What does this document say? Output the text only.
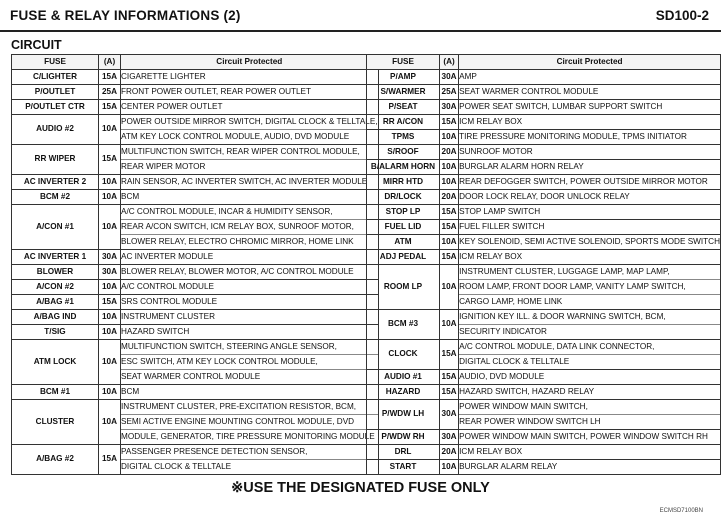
FUSE & RELAY INFORMATIONS (2)	SD100-2
CIRCUIT
FUSE	(A)	Circuit Protected
C/LIGHTER	15A	CIGARETTE LIGHTER

P/OUTLET	25A	FRONT POWER OUTLET, REAR POWER OUTLET

P/OUTLET CTR	15A	CENTER POWER OUTLET

AUDIO #2	10A	POWER OUTSIDE MIRROR SWITCH, DIGITAL CLOCK & TELLTALE,
ATM KEY LOCK CONTROL MODULE, AUDIO, DVD MODULE

RR WIPER	15A	MULTIFUNCTION SWITCH, REAR WIPER CONTROL MODULE,
REAR WIPER MOTOR

AC INVERTER 2	10A	RAIN SENSOR, AC INVERTER SWITCH, AC INVERTER MODULE

BCM #2	10A	BCM

A/CON #1	10A	A/C CONTROL MODULE, INCAR & HUMIDITY SENSOR,
REAR A/CON SWITCH, ICM RELAY BOX, SUNROOF MOTOR,
BLOWER RELAY, ELECTRO CHROMIC MIRROR, HOME LINK

AC INVERTER 1	30A	AC INVERTER MODULE

BLOWER	30A	BLOWER RELAY, BLOWER MOTOR, A/C CONTROL MODULE

A/CON #2	10A	A/C CONTROL MODULE

A/BAG #1	15A	SRS CONTROL MODULE

A/BAG IND	10A	INSTRUMENT CLUSTER

T/SIG	10A	HAZARD SWITCH

ATM LOCK	10A	MULTIFUNCTION SWITCH, STEERING ANGLE SENSOR,
ESC SWITCH, ATM KEY LOCK CONTROL MODULE,
SEAT WARMER CONTROL MODULE

BCM #1	10A	BCM

CLUSTER	10A	INSTRUMENT CLUSTER, PRE-EXCITATION RESISTOR, BCM,
SEMI ACTIVE ENGINE MOUNTING CONTROL MODULE, DVD
MODULE, GENERATOR, TIRE PRESSURE MONITORING MODULE

A/BAG #2	15A	PASSENGER PRESENCE DETECTION SENSOR,
DIGITAL CLOCK & TELLTALE
FUSE	(A)	Circuit Protected
P/AMP	30A	AMP

S/WARMER	25A	SEAT WARMER CONTROL MODULE

P/SEAT	30A	POWER SEAT SWITCH, LUMBAR SUPPORT SWITCH

RR A/CON	15A	ICM RELAY BOX

TPMS	10A	TIRE PRESSURE MONITORING MODULE, TPMS INITIATOR

S/ROOF	20A	SUNROOF MOTOR

B/ALARM HORN	10A	BURGLAR ALARM HORN RELAY

MIRR HTD	10A	REAR DEFOGGER SWITCH, POWER OUTSIDE MIRROR MOTOR

DR/LOCK	20A	DOOR LOCK RELAY, DOOR UNLOCK RELAY

STOP LP	15A	STOP LAMP SWITCH

FUEL LID	15A	FUEL FILLER SWITCH

ATM	10A	KEY SOLENOID, SEMI ACTIVE SOLENOID, SPORTS MODE SWITCH

ADJ PEDAL	15A	ICM RELAY BOX

ROOM LP	10A	INSTRUMENT CLUSTER, LUGGAGE LAMP, MAP LAMP,
ROOM LAMP, FRONT DOOR LAMP, VANITY LAMP SWITCH,
CARGO LAMP, HOME LINK

BCM #3	10A	IGNITION KEY ILL. & DOOR WARNING SWITCH, BCM,
SECURITY INDICATOR

CLOCK	15A	A/C CONTROL MODULE, DATA LINK CONNECTOR,
DIGITAL CLOCK & TELLTALE

AUDIO #1	15A	AUDIO, DVD MODULE

HAZARD	15A	HAZARD SWITCH, HAZARD RELAY

P/WDW LH	30A	POWER WINDOW MAIN SWITCH,
REAR POWER WINDOW SWITCH LH

P/WDW RH	30A	POWER WINDOW MAIN SWITCH, POWER WINDOW SWITCH RH

DRL	20A	ICM RELAY BOX

START	10A	BURGLAR ALARM RELAY
※USE THE DESIGNATED FUSE ONLY
ECMSD7100BN
